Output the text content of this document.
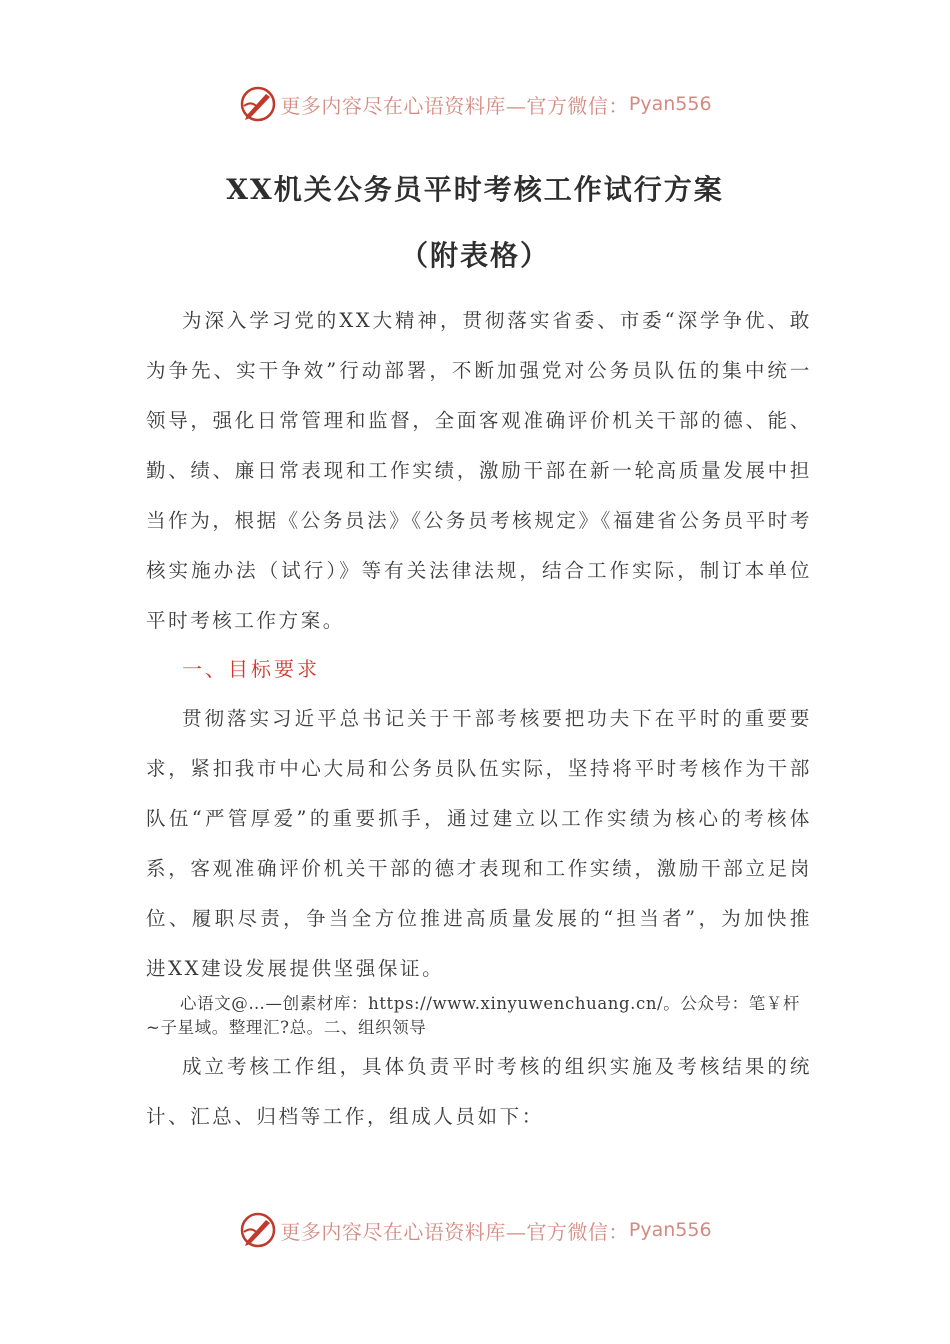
更多内容尽在心语资料库—官方微信： Pyan556
XX机关公务员平时考核工作试行方案
（附表格）
为深入学习党的XX大精神，贯彻落实省委、市委“深学争优、敢为争先、实干争效”行动部署，不断加强党对公务员队伍的集中统一领导，强化日常管理和监督，全面客观准确评价机关干部的德、能、勤、绩、廉日常表现和工作实绩，激励干部在新一轮高质量发展中担当作为，根据《公务员法》《公务员考核规定》《福建省公务员平时考核实施办法（试行）》等有关法律法规，结合工作实际，制订本单位平时考核工作方案。
一、目标要求
贯彻落实习近平总书记关于干部考核要把功夫下在平时的重要要求，紧扣我市中心大局和公务员队伍实际，坚持将平时考核作为干部队伍“严管厚爱”的重要抓手，通过建立以工作实绩为核心的考核体系，客观准确评价机关干部的德才表现和工作实绩，激励干部立足岗位、履职尽责，争当全方位推进高质量发展的“担当者”，为加快推进XX建设发展提供坚强保证。
心语文@…—创素材库：https://www.xinyuwenchuang.cn/。公众号：笔￥杆~子星域。整理汇?总。二、组织领导
成立考核工作组，具体负责平时考核的组织实施及考核结果的统计、汇总、归档等工作，组成人员如下：
更多内容尽在心语资料库—官方微信： Pyan556
